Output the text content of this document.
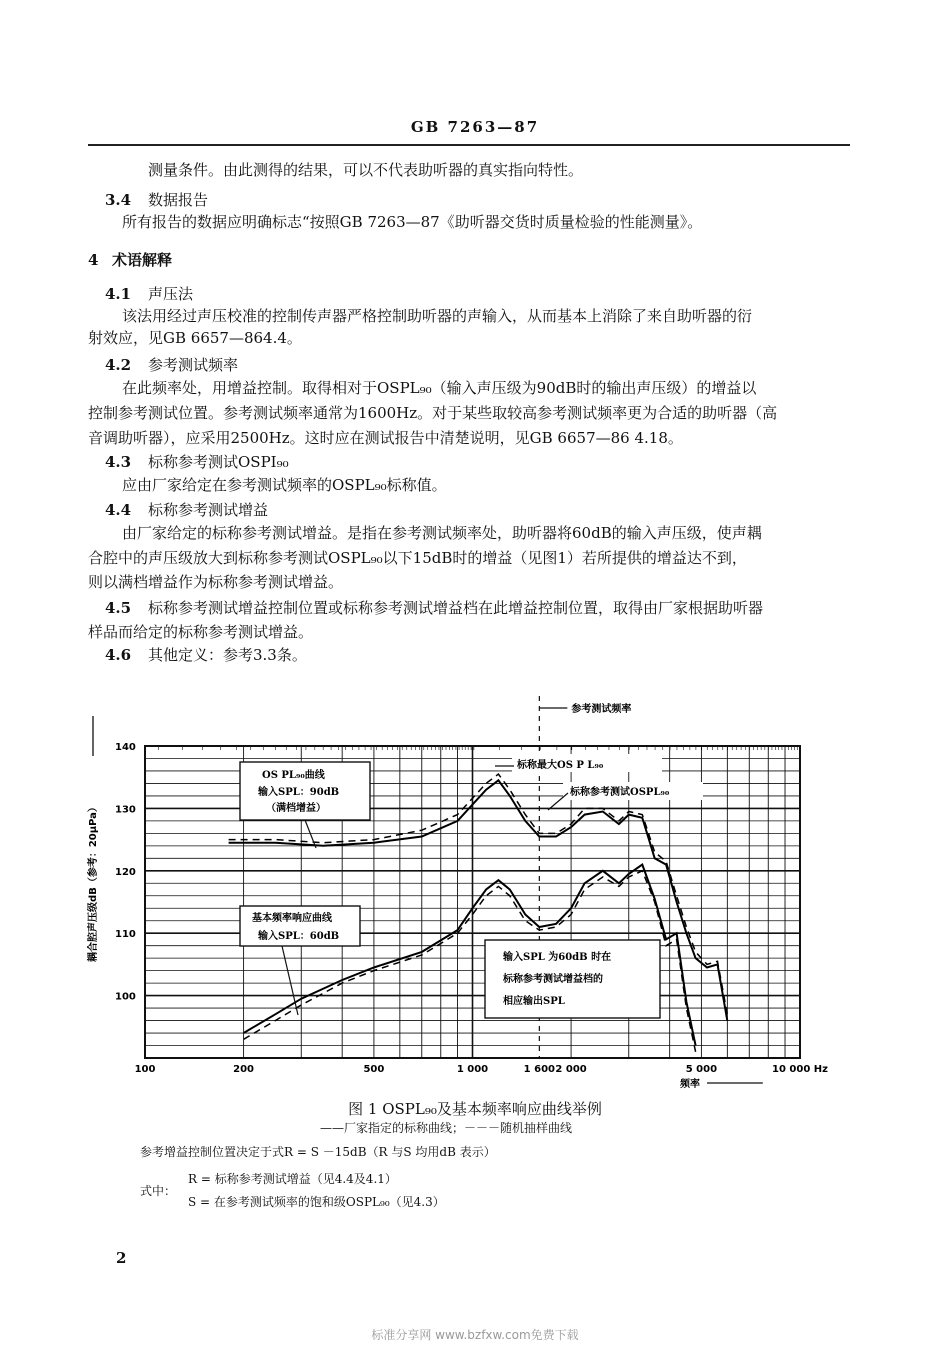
GB 7263—87
测量条件。由此测得的结果，可以不代表助听器的真实指向特性。
3.4 数据报告
所有报告的数据应明确标志“按照GB 7263—87《助听器交货时质量检验的性能测量》。
4 术语解释
4.1 声压法
该法用经过声压校准的控制传声器严格控制助听器的声输入，从而基本上消除了来自助听器的衍
射效应，见GB 6657—864.4。
4.2 参考测试频率
在此频率处，用增益控制。取得相对于OSPL₉₀（输入声压级为90dB时的输出声压级）的增益以
控制参考测试位置。参考测试频率通常为1600Hz。对于某些取较高参考测试频率更为合适的助听器（高
音调助听器），应采用2500Hz。这时应在测试报告中清楚说明，见GB 6657—86 4.18。
4.3 标称参考测试OSPI₉₀
应由厂家给定在参考测试频率的OSPL₉₀标称值。
4.4 标称参考测试增益
由厂家给定的标称参考测试增益。是指在参考测试频率处，助听器将60dB的输入声压级，使声耦
合腔中的声压级放大到标称参考测试OSPL₉₀以下15dB时的增益（见图1）若所提供的增益达不到，
则以满档增益作为标称参考测试增益。
4.5 标称参考测试增益控制位置或标称参考测试增益档在此增益控制位置，取得由厂家根据助听器
样品而给定的标称参考测试增益。
4.6 其他定义：参考3.3条。
140
130
120
110
100
100	200	500	1 000	1 600 2 000	5 000	10 000 Hz
频率
耦合腔声压级dB（参考：20μPa）
参考测试频率
OS PL₉₀曲线
输入SPL：90dB
（满档增益）
基本频率响应曲线
输入SPL：60dB
输入SPL 为60dB 时在
标称参考测试增益档的
相应输出SPL
标称最大OS P L₉₀
标称参考测试OSPL₉₀
图 1 OSPL₉₀及基本频率响应曲线举例
——厂家指定的标称曲线；－－－随机抽样曲线
参考增益控制位置决定于式R = S －15dB（R 与S 均用dB 表示）
式中：
R = 标称参考测试增益（见4.4及4.1）
S = 在参考测试频率的饱和级OSPL₉₀（见4.3）
2
标准分享网 www.bzfxw.com免费下载
